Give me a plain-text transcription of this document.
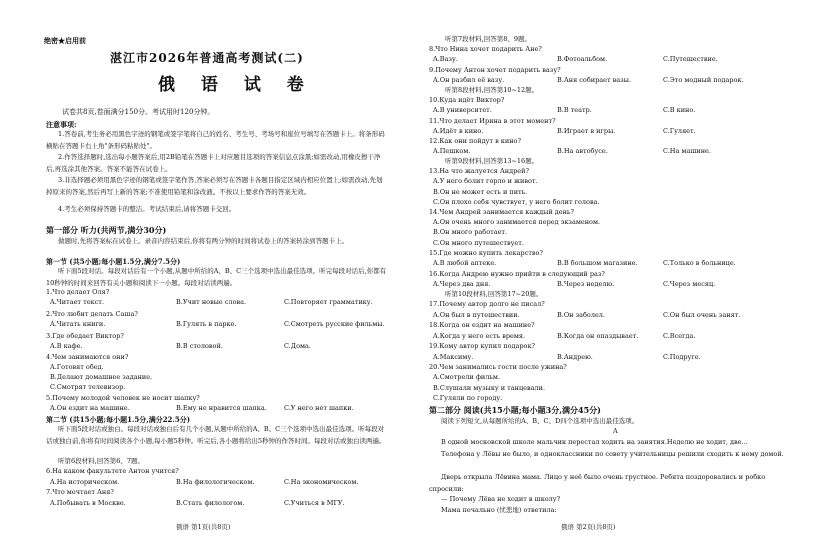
绝密★启用前
湛江市2026年普通高考测试(二)
俄 语 试 卷
试卷共8页,卷面满分150分。考试用时120分钟。
注意事项:
1.答卷前,考生务必用黑色字迹的钢笔或签字笔将自己的姓名、考生号、考场号和座位号填写在答题卡上。将条形码横贴在答题卡右上角"条形码粘贴处"。
2.作答选择题时,选出每小题答案后,用2B铅笔在答题卡上对应题目选项的答案信息点涂黑;如需改动,用橡皮擦干净后,再选涂其他答案。答案不能答在试卷上。
3.非选择题必须用黑色字迹的钢笔或签字笔作答,答案必须写在答题卡各题目指定区域内相应位置上;如需改动,先划掉原来的答案,然后再写上新的答案;不准使用铅笔和涂改液。不按以上要求作答的答案无效。
4.考生必须保持答题卡的整洁。考试结束后,请将答题卡交回。
第一部分 听力(共两节,满分30分)
做题时,先将答案标在试卷上。录音内容结束后,你将有两分钟的时间将试卷上的答案转涂到答题卡上。
第一节 (共5小题;每小题1.5分,满分7.5分)
听下面5段对话。每段对话后有一个小题,从题中所给的A、B、C三个选项中选出最佳选项。听完每段对话后,你都有10秒钟的时间来回答有关小题和阅读下一小题。每段对话读两遍。
1.Что делает Оля?
A.Читает текст.	B.Учит новые слова.	C.Повторяет грамматику.
2.Что любит делать Саша?
A.Читать книги.	B.Гулять в парке.	C.Смотреть русские фильмы.
3.Где обедает Виктор?
A.В кафе.	B.В столовой.	C.Дома.
4.Чем занимаются они?
A.Готовят обед.
B.Делают домашнее задание.
C.Смотрят телевизор.
5.Почему молодой человек не носит шапку?
A.Он ездит на машине.	B.Ему не нравится шапка.	C.У него нет шапки.
第二节 (共15小题;每小题1.5分,满分22.5分)
听下面5段对话或独白。每段对话或独白后有几个小题,从题中所给的A、B、C三个选项中选出最佳选项。听每段对话或独白前,你将有时间阅读各个小题,每小题5秒钟。听完后,各小题将给出5秒钟的作答时间。每段对话或独白读两遍。
听第6段材料,回答第6、7题。
6.На каком факультете Антон учится?
A.На историческом.	B.На филологическом.	C.На экономическом.
7.Что мечтает Аня?
A.Побывать в Москве.	B.Стать филологом.	C.Учиться в МГУ.
俄语 第1页(共8页)
听第7段材料,回答第8、9题。
8.Что Нина хочет подарить Ане?
A.Вазу.	B.Фотоальбом.	C.Путешествие.
9.Почему Антон хочет подарить вазу?
A.Он разбил её вазу.	B.Аня собирает вазы.	C.Это модный подарок.
听第8段材料,回答第10~12题。
10.Куда идёт Виктор?
A.В университет.	B.В театр.	C.В кино.
11.Что делает Ирина в этот момент?
A.Идёт в кино.	B.Играет в игры.	C.Гуляет.
12.Как они пойдут в кино?
A.Пешком.	B.На автобусе.	C.На машине.
听第9段材料,回答第13~16题。
13.На что жалуется Андрей?
A.У него болит горло и живот.
B.Он не может есть и пить.
C.Он плохо себя чувствует, у него болит голова.
14.Чем Андрей занимается каждый день?
A.Он очень много занимается перед экзаменом.
B.Он много работает.
C.Он много путешествует.
15.Где можно купить лекарство?
A.В любой аптеке.	B.В большом магазине.	C.Только в больнице.
16.Когда Андрею нужно прийти в следующий раз?
A.Через два дня.	B.Через неделю.	C.Через месяц.
听第10段材料,回答第17~20题。
17.Почему автор долго не писал?
A.Он был в путешествии.	B.Он заболел.	C.Он был очень занят.
18.Когда он ездит на машине?
A.Когда у него есть время.	B.Когда он опаздывает.	C.Всегда.
19.Кому автор купил подарок?
A.Максиму.	B.Андрею.	C.Подруге.
20.Чем занимались гости после ужина?
A.Смотрели фильм.
B.Слушали музыку и танцевали.
C.Гуляли по городу.
第二部分 阅读(共15小题;每小题3分,满分45分)
阅读下列短文,从每题所给的A、B、C、D四个选项中选出最佳选项。
A
В одной московской школе мальчик перестал ходить на занятия.Неделю не ходит, две...
Телефона у Лёвы не было, и одноклассники по совету учительницы решили сходить к нему домой.
Дверь открыла Лёвина мама. Лицо у неё было очень грустное. Ребята поздоровались и робко спросили:
— Почему Лёва не ходит в школу?
Мама печально (忧悲地) ответила:
俄语 第2页(共8页)
